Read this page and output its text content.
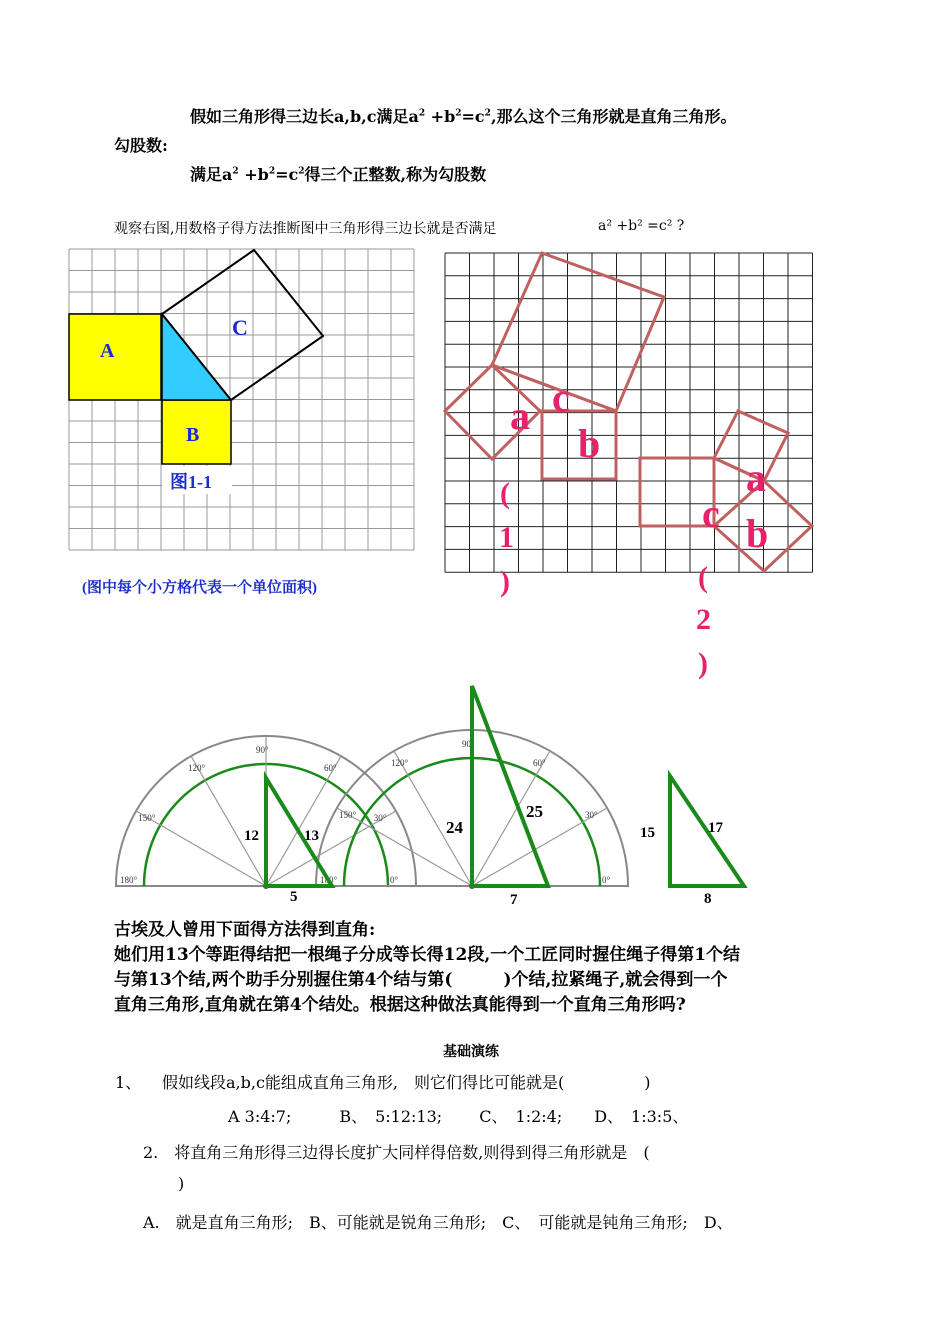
假如三角形得三边长a,b,c满足$a^2 +b^2=c^2$,那么这个三角形就是直角三角形。
勾股数:
满足$a^2 +b^2=c^2$得三个正整数,称为勾股数
观察右图,用数格子得方法推断图中三角形得三边长就是否满足	a² +b² =c² ?
A
B
C
图1-1
(图中每个小方格代表一个单位面积)
a c
b
(
1
)
a
c b
(
2
)
180°
150°
120°
90°
60°
30°
0°
180°
150°
120°
90°
60°
30°
0°
12	13
5
24
25
7
15	17
8
古埃及人曾用下面得方法得到直角:
她们用13个等距得结把一根绳子分成等长得12段,一个工匠同时握住绳子得第1个结
与第13个结,两个助手分别握住第4个结与第(　　　)个结,拉紧绳子,就会得到一个
直角三角形,直角就在第4个结处。根据这种做法真能得到一个直角三角形吗?
基础演练
1、 假如线段a,b,c能组成直角三角形,　则它们得比可能就是(　　　　　)
A 3:4:7;　　　B、　5:12:13;　　 C、　1:2:4;　　D、　1:3:5、
2.　将直角三角形得三边得长度扩大同样得倍数,则得到得三角形就是　(
)
A.　就是直角三角形;　B、可能就是锐角三角形;　C、　可能就是钝角三角形;　D、
